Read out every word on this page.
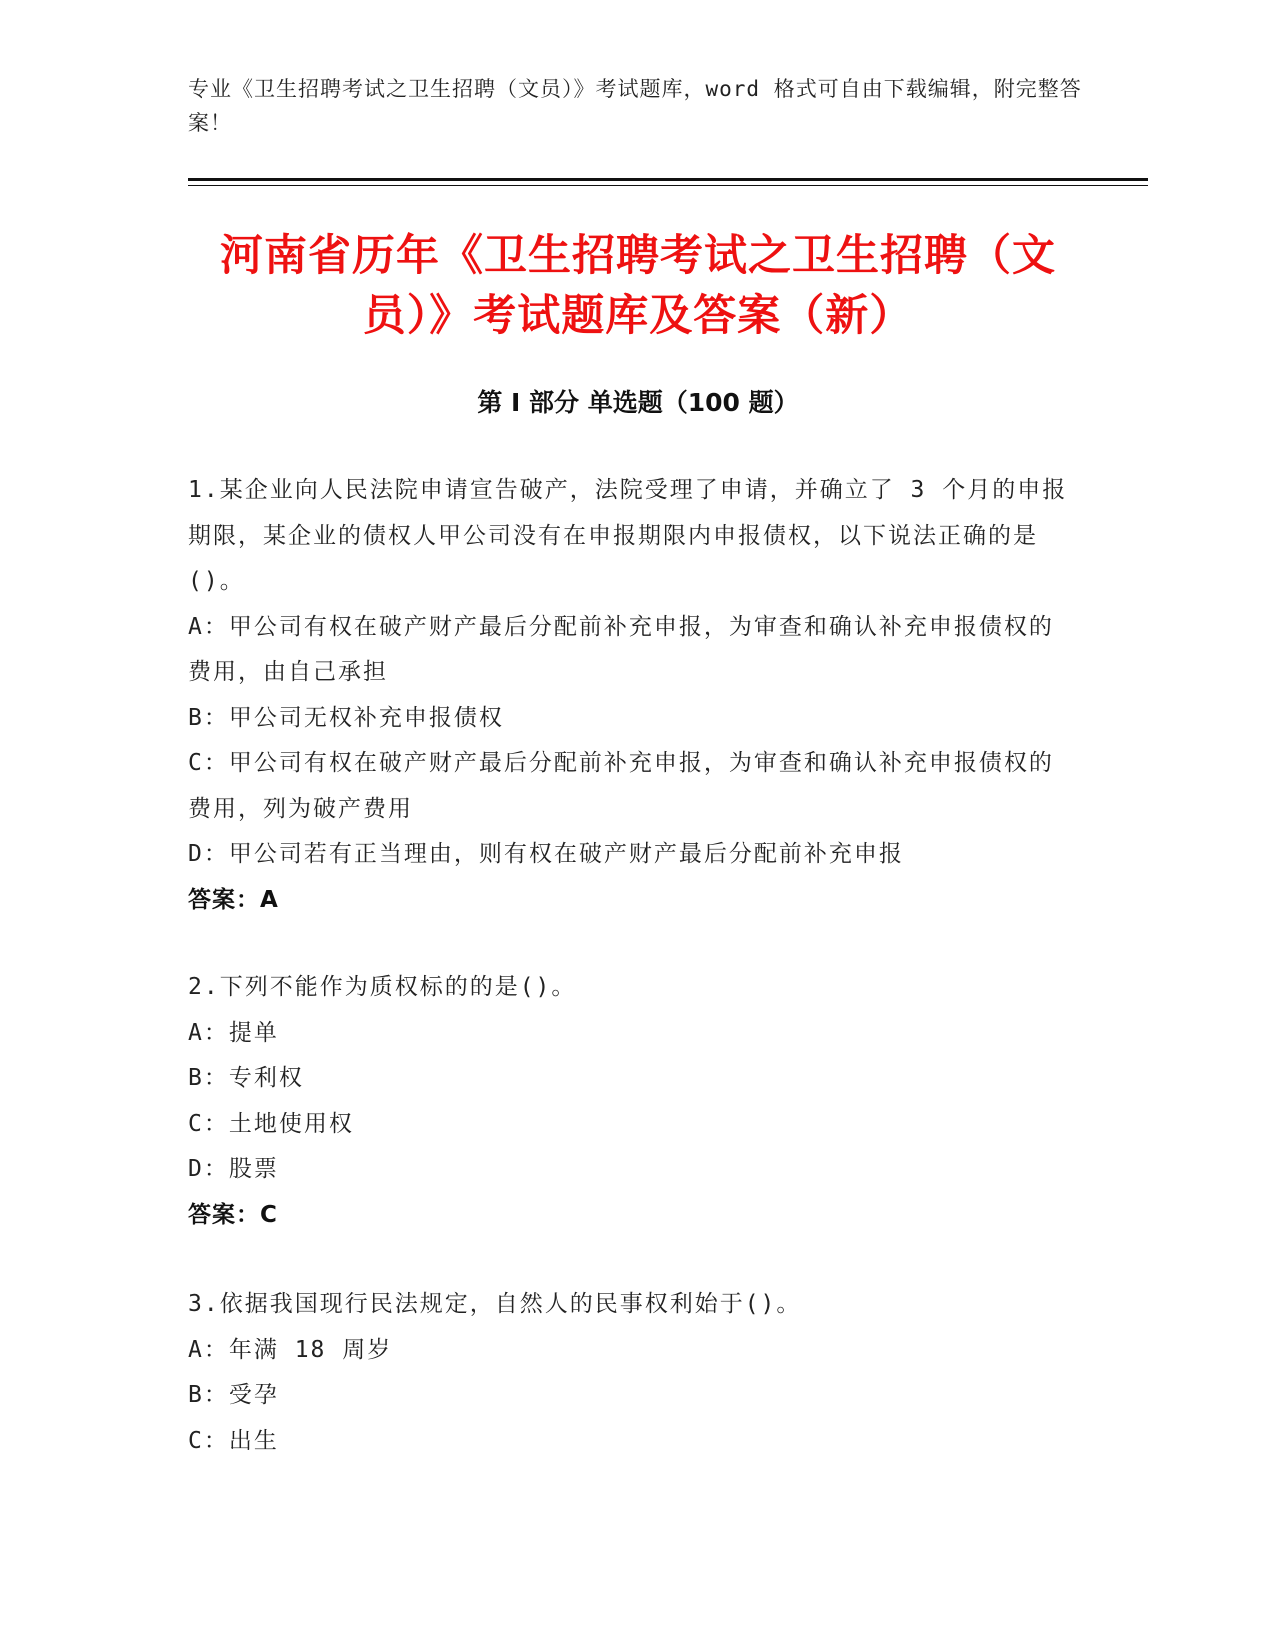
专业《卫生招聘考试之卫生招聘（文员）》考试题库，word 格式可自由下载编辑，附完整答案！
河南省历年《卫生招聘考试之卫生招聘（文员）》考试题库及答案（新）
第 I 部分 单选题（100 题）

1.某企业向人民法院申请宣告破产，法院受理了申请，并确立了 3 个月的申报期限，某企业的债权人甲公司没有在申报期限内申报债权，以下说法正确的是()。

A：甲公司有权在破产财产最后分配前补充申报，为审查和确认补充申报债权的费用，由自己承担

B：甲公司无权补充申报债权

C：甲公司有权在破产财产最后分配前补充申报，为审查和确认补充申报债权的费用，列为破产费用

D：甲公司若有正当理由，则有权在破产财产最后分配前补充申报

答案：A

2.下列不能作为质权标的的是()。

A：提单

B：专利权

C：土地使用权

D：股票

答案：C

3.依据我国现行民法规定，自然人的民事权利始于()。

A：年满 18 周岁

B：受孕

C：出生
